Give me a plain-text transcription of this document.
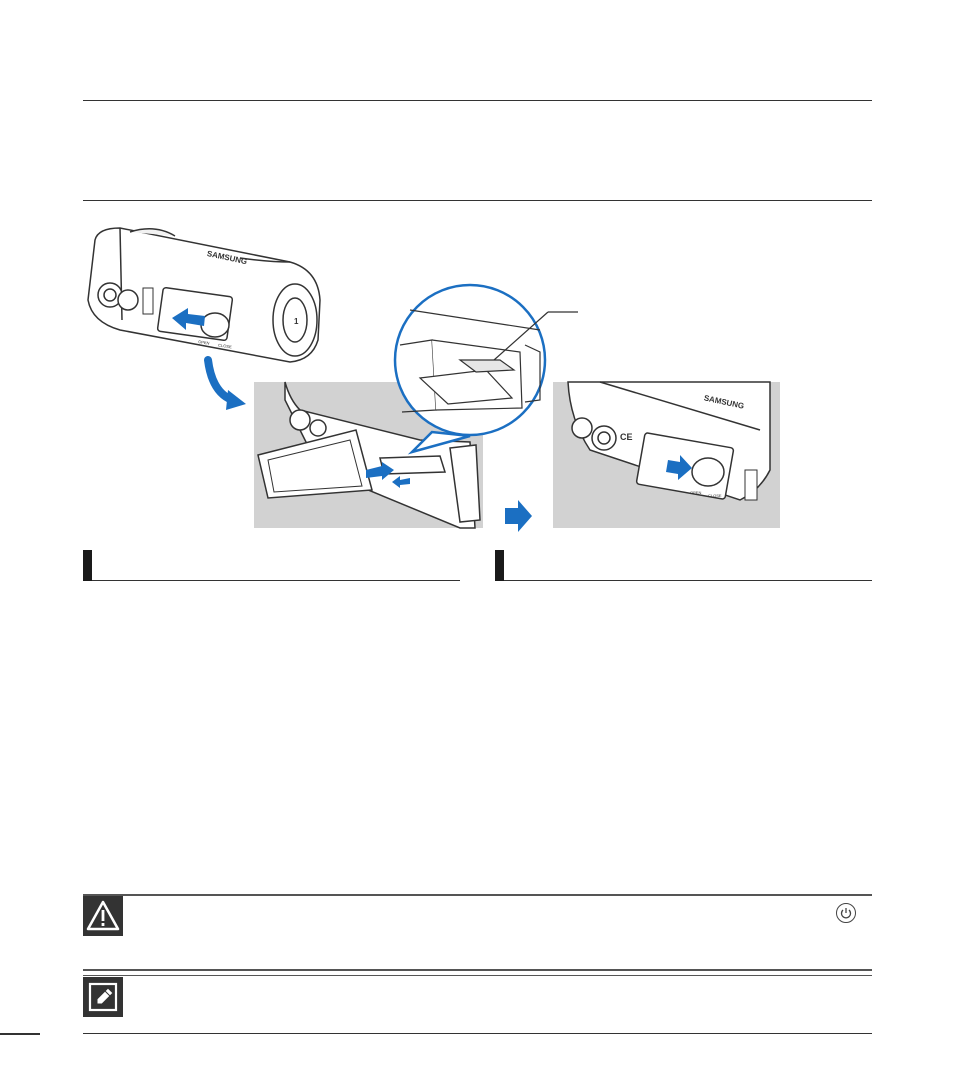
SAMSUNG
1
OPEN
CLOSE
SAMSUNG
CE
OPEN
CLOSE
